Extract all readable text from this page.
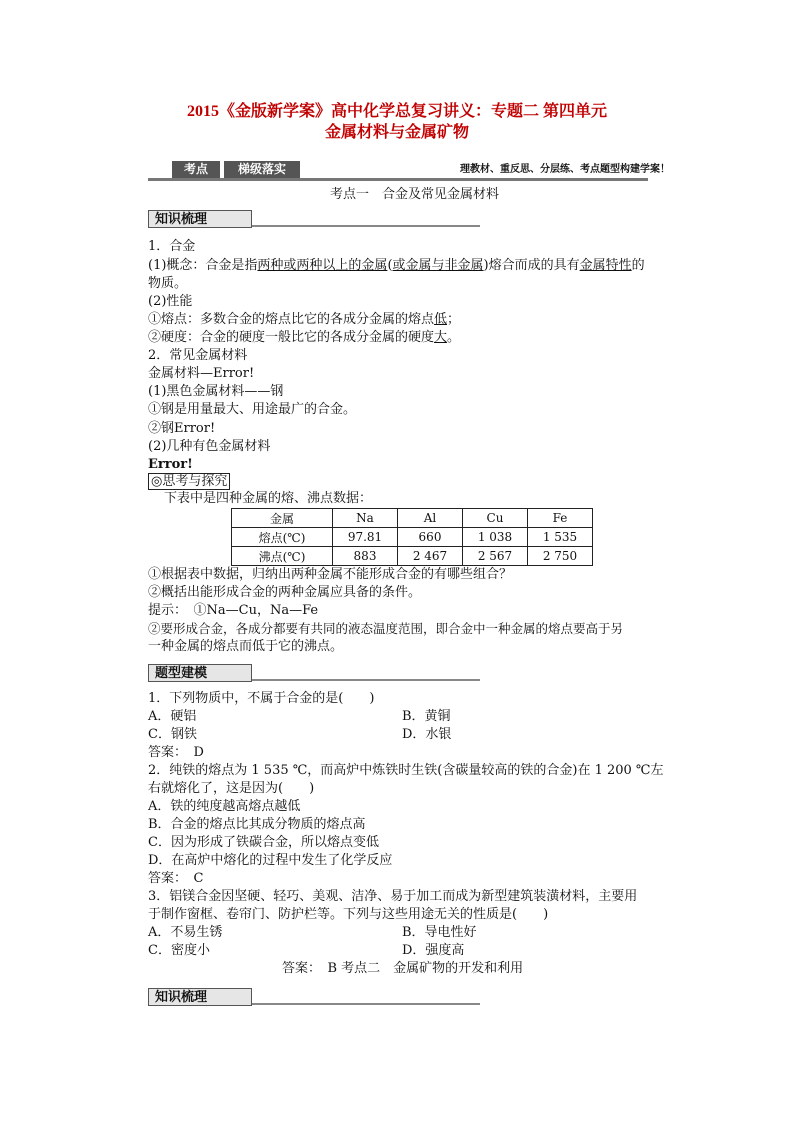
2015《金版新学案》高中化学总复习讲义：专题二 第四单元
金属材料与金属矿物
考点	梯级落实	理教材、重反思、分层练、考点题型构建学案！
考点一　合金及常见金属材料
知识梳理
1．合金
(1)概念：合金是指两种或两种以上的金属(或金属与非金属)熔合而成的具有金属特性的
物质。
(2)性能
①熔点：多数合金的熔点比它的各成分金属的熔点低；
②硬度：合金的硬度一般比它的各成分金属的硬度大。
2．常见金属材料
金属材料—Error!
(1)黑色金属材料——钢
①钢是用量最大、用途最广的合金。
②钢Error!
(2)几种有色金属材料
Error!
◎思考与探究
下表中是四种金属的熔、沸点数据：
金属	Na	Al	Cu	Fe
熔点(℃)	97.81	660	1 038	1 535
沸点(℃)	883	2 467	2 567	2 750
①根据表中数据，归纳出两种金属不能形成合金的有哪些组合？
②概括出能形成合金的两种金属应具备的条件。
提示：　①Na—Cu，Na—Fe
②要形成合金，各成分都要有共同的液态温度范围，即合金中一种金属的熔点要高于另
一种金属的熔点而低于它的沸点。
题型建模
1．下列物质中，不属于合金的是(　　)
A．硬铝	B．黄铜
C．钢铁	D．水银
答案：　D
2．纯铁的熔点为 1 535 ℃，而高炉中炼铁时生铁(含碳量较高的铁的合金)在 1 200 ℃左
右就熔化了，这是因为(　　)
A．铁的纯度越高熔点越低
B．合金的熔点比其成分物质的熔点高
C．因为形成了铁碳合金，所以熔点变低
D．在高炉中熔化的过程中发生了化学反应
答案：　C
3．铝镁合金因坚硬、轻巧、美观、洁净、易于加工而成为新型建筑装潢材料，主要用
于制作窗框、卷帘门、防护栏等。下列与这些用途无关的性质是(　　)
A．不易生锈	B．导电性好
C．密度小	D．强度高
答案：　B 考点二　金属矿物的开发和利用
知识梳理
